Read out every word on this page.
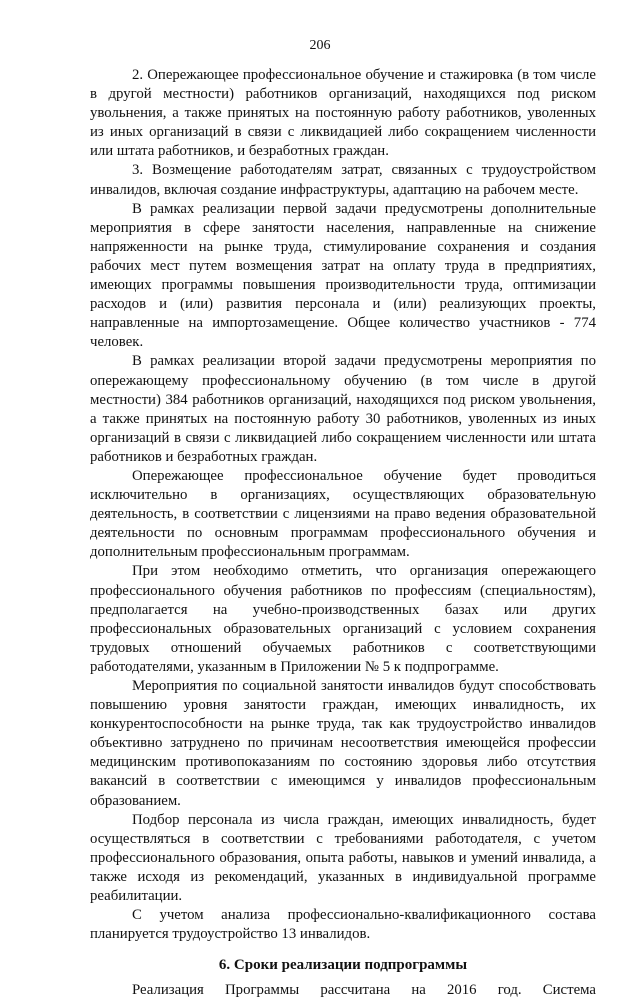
206

2. Опережающее профессиональное обучение и стажировка (в том числе в другой местности) работников организаций, находящихся под риском увольнения, а также принятых на постоянную работу работников, уволенных из иных организаций в связи с ликвидацией либо сокращением численности или штата работников, и безработных граждан.

3. Возмещение работодателям затрат, связанных с трудоустройством инвалидов, включая создание инфраструктуры, адаптацию на рабочем месте.

В рамках реализации первой задачи предусмотрены дополнительные мероприятия в сфере занятости населения, направленные на снижение напряженности на рынке труда, стимулирование сохранения и создания рабочих мест путем возмещения затрат на оплату труда в предприятиях, имеющих программы повышения производительности труда, оптимизации расходов и (или) развития персонала и (или) реализующих проекты, направленные на импортозамещение. Общее количество участников - 774 человек.

В рамках реализации второй задачи предусмотрены мероприятия по опережающему профессиональному обучению (в том числе в другой местности) 384 работников организаций, находящихся под риском увольнения, а также принятых на постоянную работу 30 работников, уволенных из иных организаций в связи с ликвидацией либо сокращением численности или штата работников и безработных граждан.

Опережающее профессиональное обучение будет проводиться исключительно в организациях, осуществляющих образовательную деятельность, в соответствии с лицензиями на право ведения образовательной деятельности по основным программам профессионального обучения и дополнительным профессиональным программам.

При этом необходимо отметить, что организация опережающего профессионального обучения работников по профессиям (специальностям), предполагается на учебно-производственных базах или других профессиональных образовательных организаций с условием сохранения трудовых отношений обучаемых работников с соответствующими работодателями, указанным в Приложении № 5 к подпрограмме.

Мероприятия по социальной занятости инвалидов будут способствовать повышению уровня занятости граждан, имеющих инвалидность, их конкурентоспособности на рынке труда, так как трудоустройство инвалидов объективно затруднено по причинам несоответствия имеющейся профессии медицинским противопоказаниям по состоянию здоровья либо отсутствия вакансий в соответствии с имеющимся у инвалидов профессиональным образованием.

Подбор персонала из числа граждан, имеющих инвалидность, будет осуществляться в соответствии с требованиями работодателя, с учетом профессионального образования, опыта работы, навыков и умений инвалида, а также исходя из рекомендаций, указанных в индивидуальной программе реабилитации.

С учетом анализа профессионально-квалификационного состава планируется трудоустройство 13 инвалидов.

6. Сроки реализации подпрограммы

Реализация Программы рассчитана на 2016 год. Система
